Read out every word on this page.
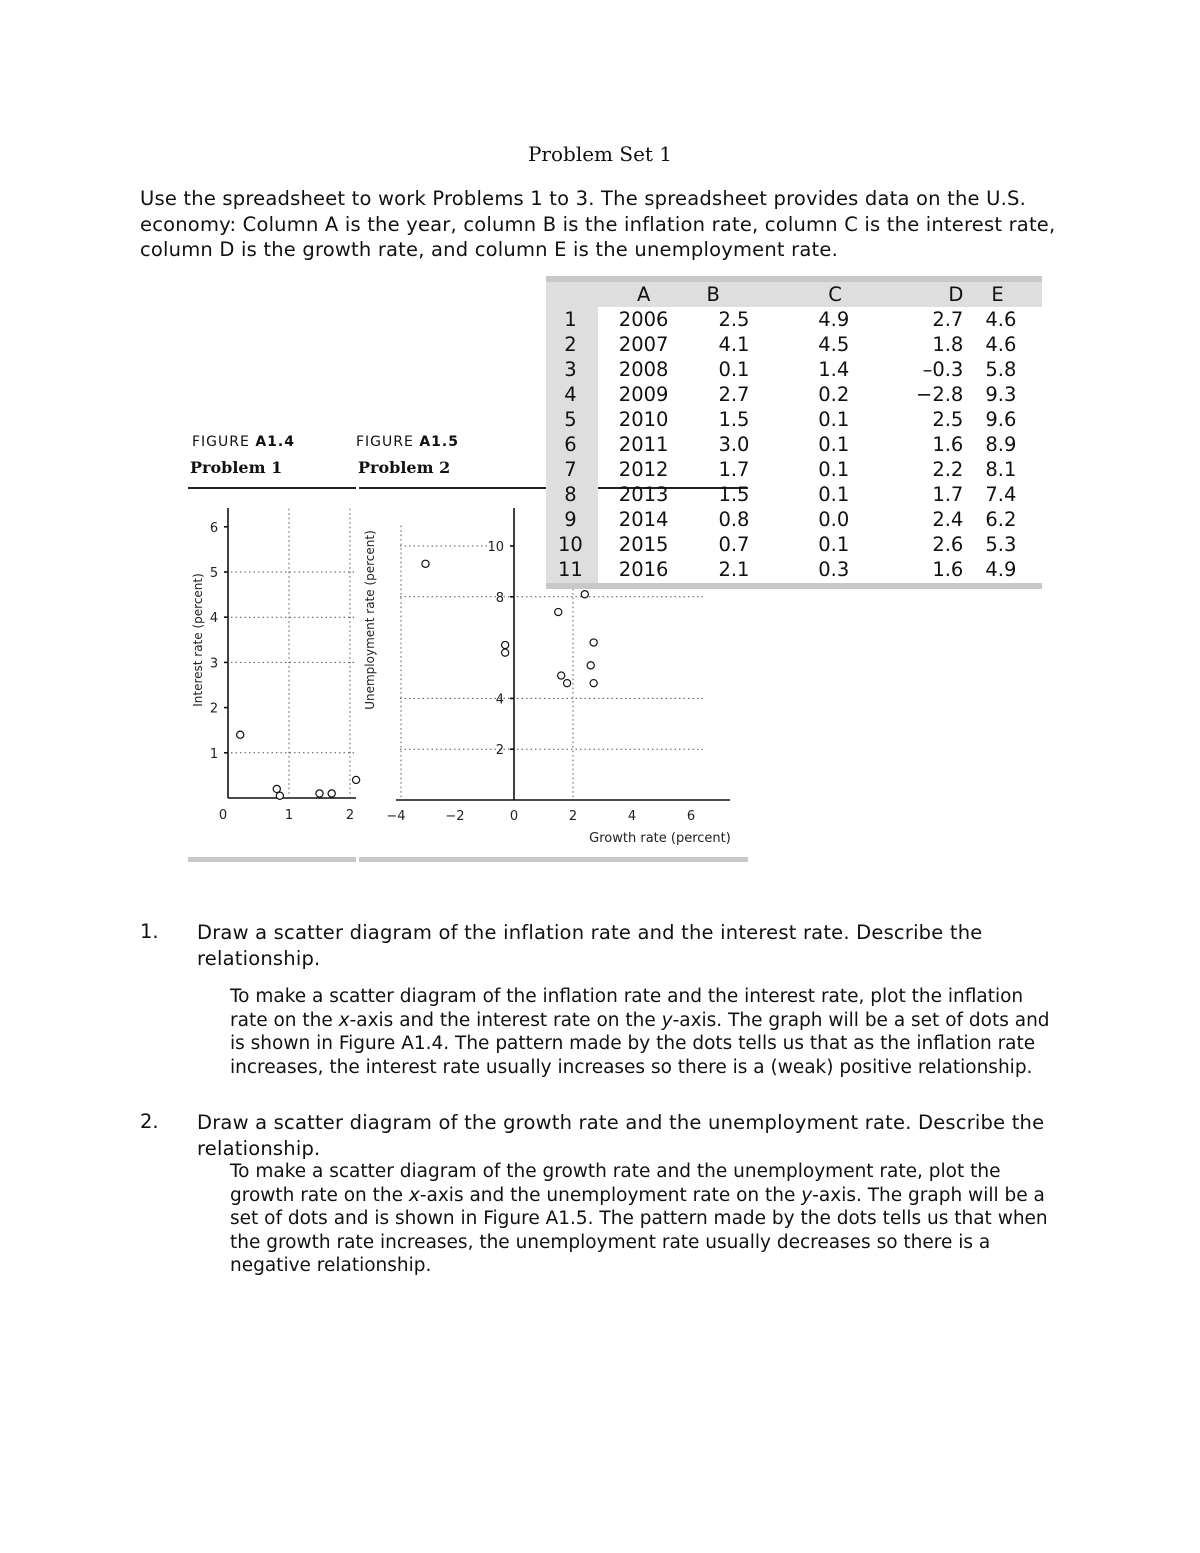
Problem Set 1
Use the spreadsheet to work Problems 1 to 3. The spreadsheet provides data on the U.S. economy: Column A is the year, column B is the inflation rate, column C is the interest rate, column D is the growth rate, and column E is the unemployment rate.
FIGURE A1.4
Problem 1
FIGURE A1.5
Problem 2
Interest rate (percent)
1
2
3
4
5
6
0	1	2
Unemployment rate (percent)
Growth rate (percent)
2
4
8
10
−4	−2	0	2	4	6
	A	B	C	D	E
1	2006	2.5	4.9	2.7	4.6
2	2007	4.1	4.5	1.8	4.6
3	2008	0.1	1.4	–0.3	5.8
4	2009	2.7	0.2	−2.8	9.3
5	2010	1.5	0.1	2.5	9.6
6	2011	3.0	0.1	1.6	8.9
7	2012	1.7	0.1	2.2	8.1
8	2013	1.5	0.1	1.7	7.4
9	2014	0.8	0.0	2.4	6.2
10	2015	0.7	0.1	2.6	5.3
11	2016	2.1	0.3	1.6	4.9
1. Draw a scatter diagram of the inflation rate and the interest rate. Describe the relationship.
To make a scatter diagram of the inflation rate and the interest rate, plot the inflation rate on the x-axis and the interest rate on the y-axis. The graph will be a set of dots and is shown in Figure A1.4. The pattern made by the dots tells us that as the inflation rate increases, the interest rate usually increases so there is a (weak) positive relationship.
2. Draw a scatter diagram of the growth rate and the unemployment rate. Describe the relationship.
To make a scatter diagram of the growth rate and the unemployment rate, plot the growth rate on the x-axis and the unemployment rate on the y-axis. The graph will be a set of dots and is shown in Figure A1.5. The pattern made by the dots tells us that when the growth rate increases, the unemployment rate usually decreases so there is a negative relationship.
